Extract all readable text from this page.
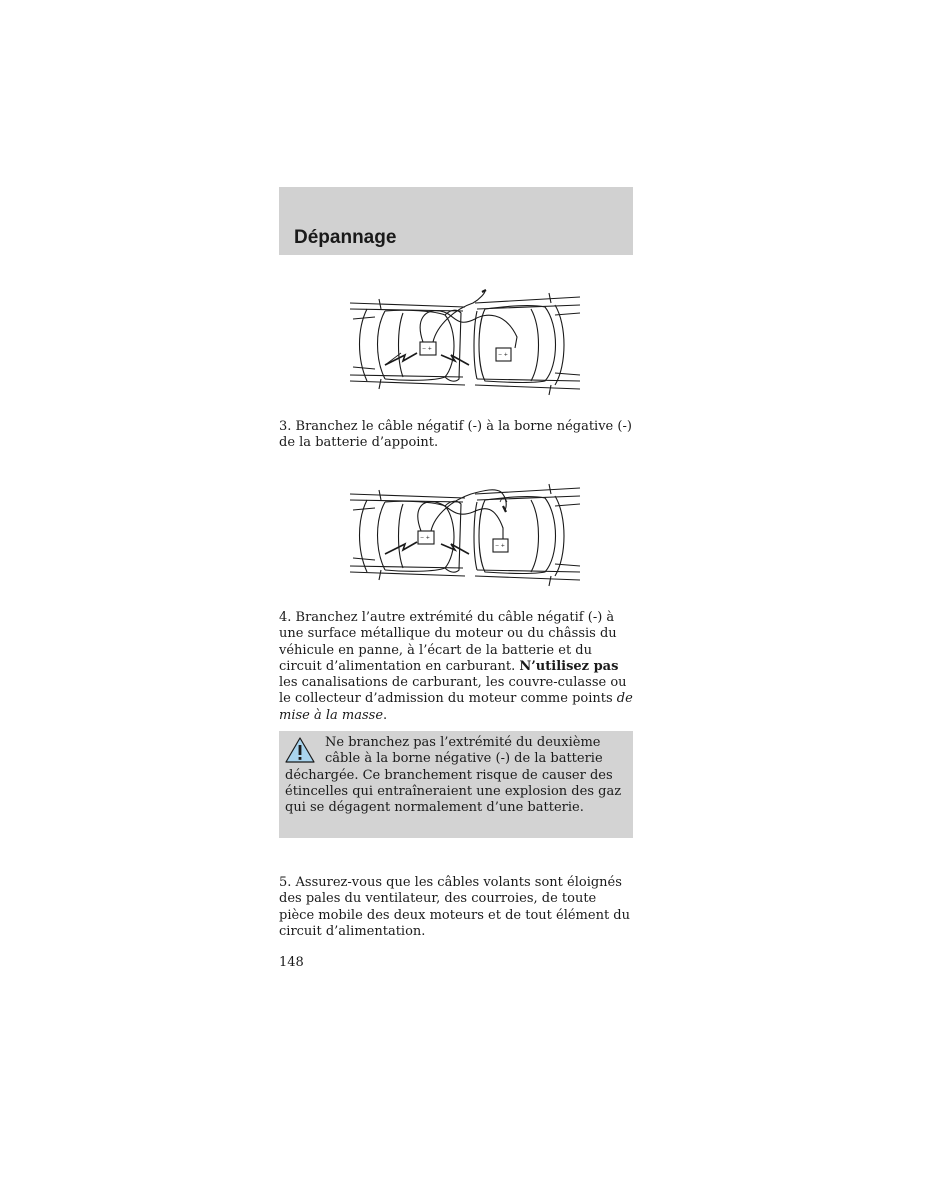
Dépannage
− +
− +

3. Branchez le câble négatif (-) à la borne négative (-) de la batterie d’appoint.

− +
− +

4. Branchez l’autre extrémité du câble négatif (-) à une surface métallique du moteur ou du châssis du véhicule en panne, à l’écart de la batterie et du circuit d’alimentation en carburant. N’utilisez pas les canalisations de carburant, les couvre-culasse ou le collecteur d’admission du moteur comme points de mise à la masse.

Ne branchez pas l’extrémité du deuxième câble à la borne négative (-) de la batterie déchargée. Ce branchement risque de causer des étincelles qui entraîneraient une explosion des gaz qui se dégagent normalement d’une batterie.

5. Assurez-vous que les câbles volants sont éloignés des pales du ventilateur, des courroies, de toute pièce mobile des deux moteurs et de tout élément du circuit d’alimentation.

148
